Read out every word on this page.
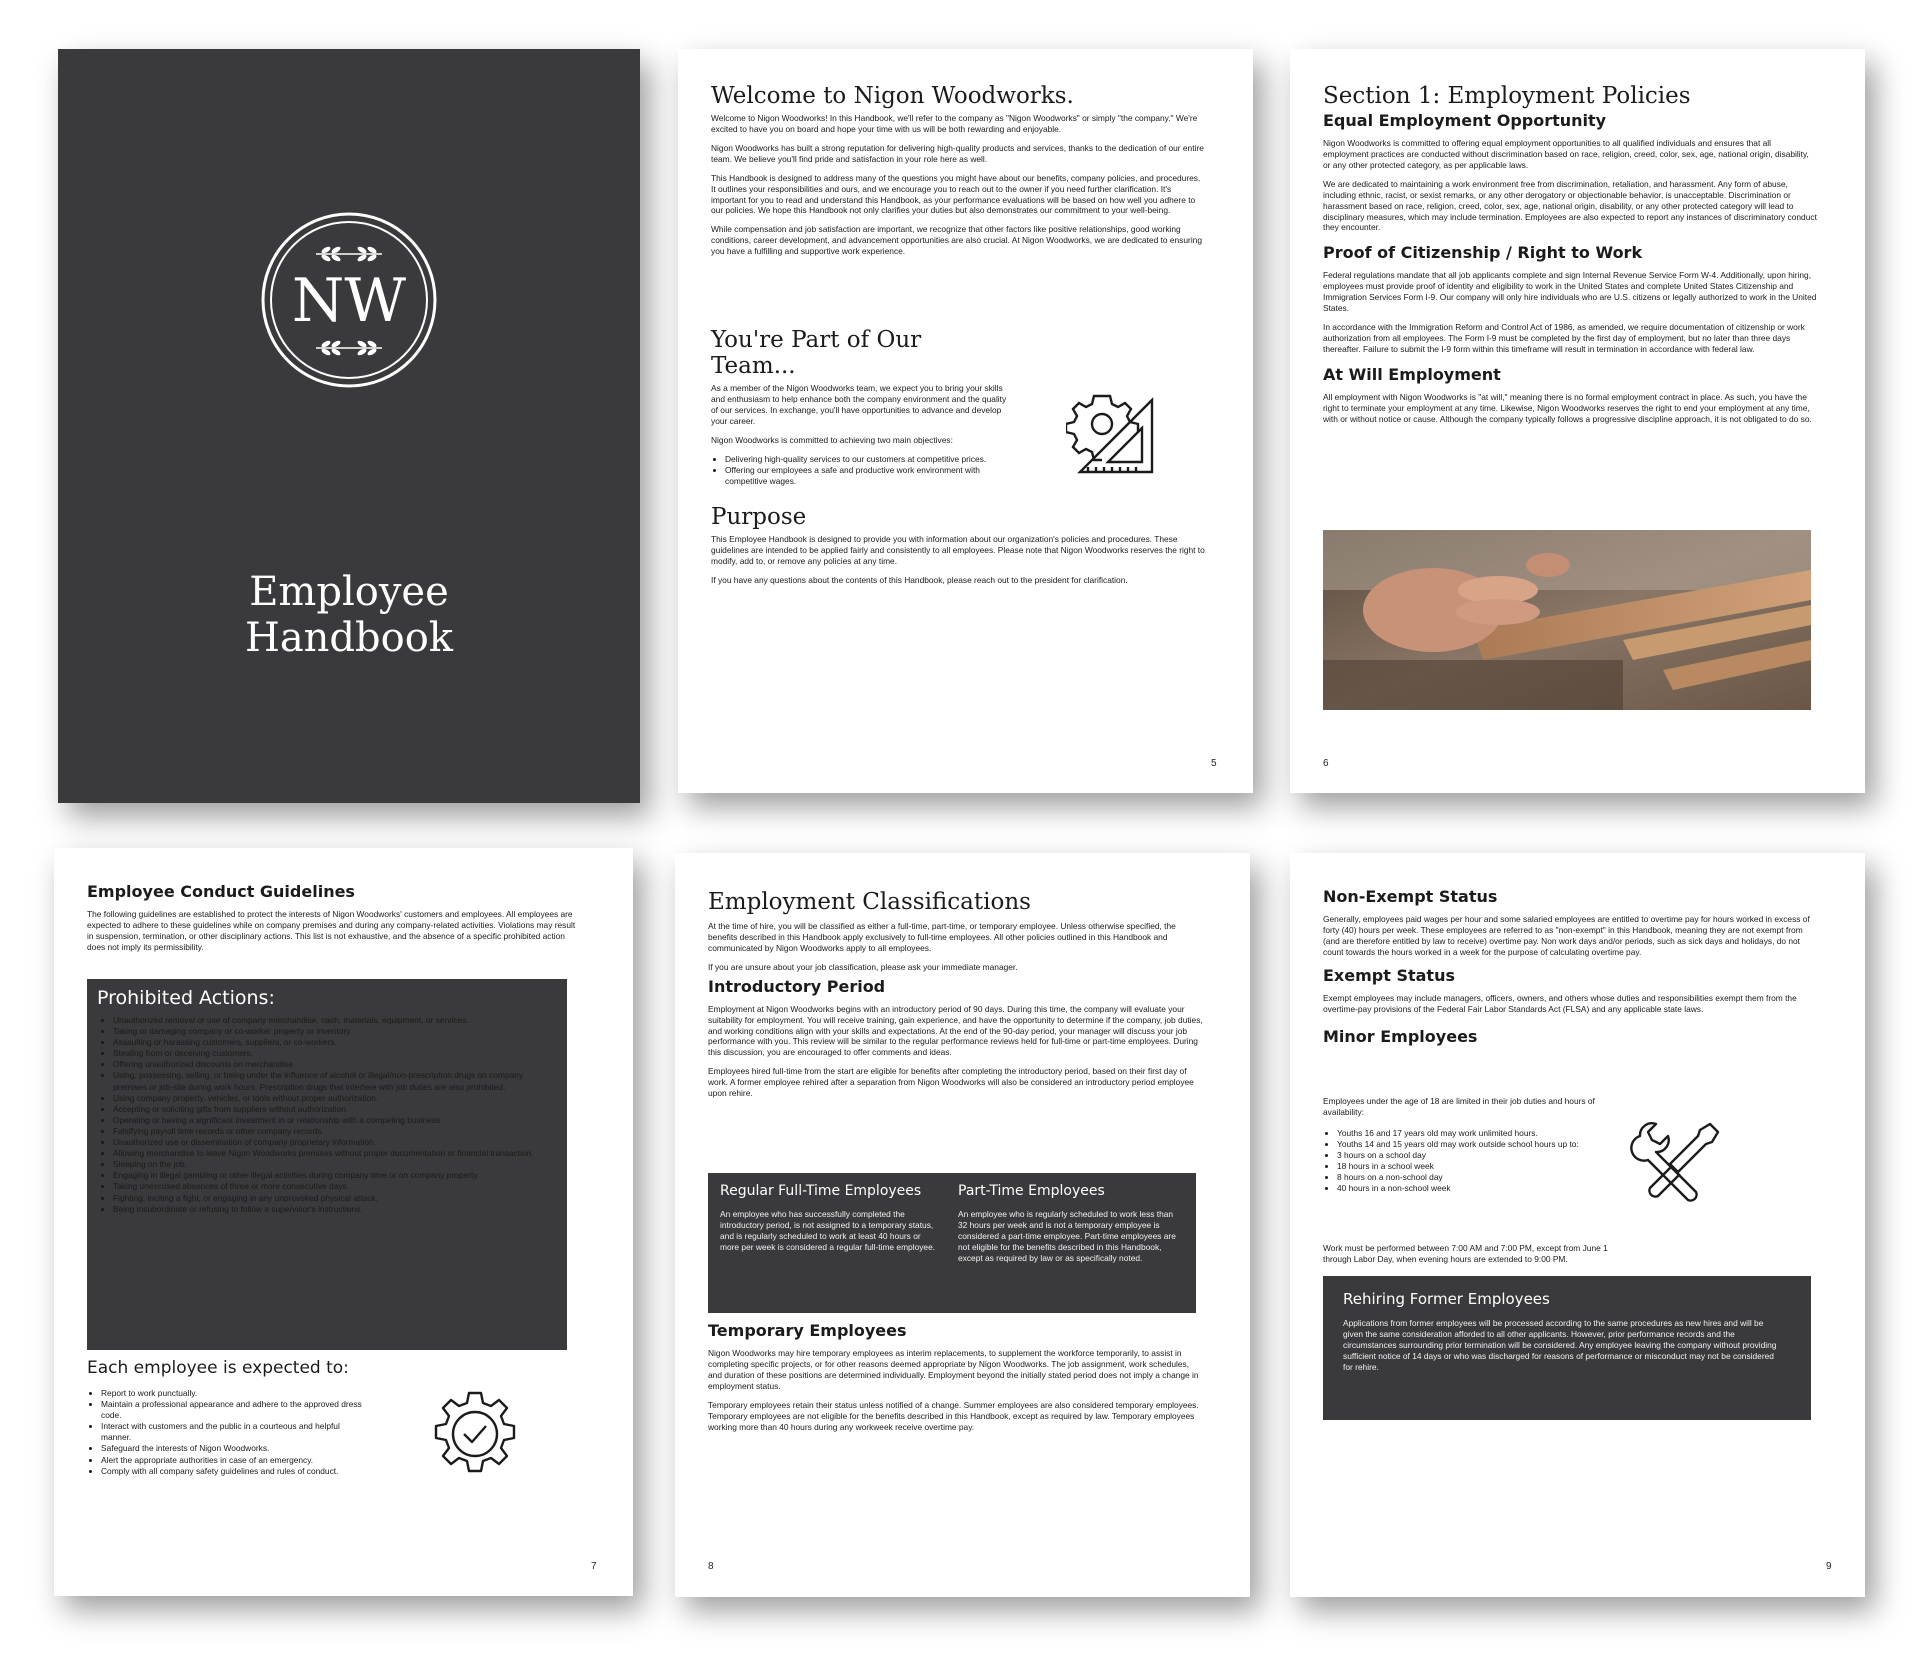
NW
Employee
Handbook
Welcome to Nigon Woodworks.

Welcome to Nigon Woodworks! In this Handbook, we'll refer to the company as "Nigon Woodworks" or simply "the company." We're excited to have you on board and hope your time with us will be both rewarding and enjoyable.

Nigon Woodworks has built a strong reputation for delivering high-quality products and services, thanks to the dedication of our entire team. We believe you'll find pride and satisfaction in your role here as well.

This Handbook is designed to address many of the questions you might have about our benefits, company policies, and procedures. It outlines your responsibilities and ours, and we encourage you to reach out to the owner if you need further clarification. It's important for you to read and understand this Handbook, as your performance evaluations will be based on how well you adhere to our policies. We hope this Handbook not only clarifies your duties but also demonstrates our commitment to your well-being.

While compensation and job satisfaction are important, we recognize that other factors like positive relationships, good working conditions, career development, and advancement opportunities are also crucial. At Nigon Woodworks, we are dedicated to ensuring you have a fulfilling and supportive work experience.

You're Part of Our Team...

As a member of the Nigon Woodworks team, we expect you to bring your skills and enthusiasm to help enhance both the company environment and the quality of our services. In exchange, you'll have opportunities to advance and develop your career.

Nigon Woodworks is committed to achieving two main objectives:

• Delivering high-quality services to our customers at competitive prices.
• Offering our employees a safe and productive work environment with competitive wages.
Purpose

This Employee Handbook is designed to provide you with information about our organization's policies and procedures. These guidelines are intended to be applied fairly and consistently to all employees. Please note that Nigon Woodworks reserves the right to modify, add to, or remove any policies at any time.

If you have any questions about the contents of this Handbook, please reach out to the president for clarification.

5
Section 1: Employment Policies
Equal Employment Opportunity

Nigon Woodworks is committed to offering equal employment opportunities to all qualified individuals and ensures that all employment practices are conducted without discrimination based on race, religion, creed, color, sex, age, national origin, disability, or any other protected category, as per applicable laws.

We are dedicated to maintaining a work environment free from discrimination, retaliation, and harassment. Any form of abuse, including ethnic, racist, or sexist remarks, or any other derogatory or objectionable behavior, is unacceptable. Discrimination or harassment based on race, religion, creed, color, sex, age, national origin, disability, or any other protected category will lead to disciplinary measures, which may include termination. Employees are also expected to report any instances of discriminatory conduct they encounter.

Proof of Citizenship / Right to Work

Federal regulations mandate that all job applicants complete and sign Internal Revenue Service Form W-4. Additionally, upon hiring, employees must provide proof of identity and eligibility to work in the United States and complete United States Citizenship and Immigration Services Form I-9. Our company will only hire individuals who are U.S. citizens or legally authorized to work in the United States.

In accordance with the Immigration Reform and Control Act of 1986, as amended, we require documentation of citizenship or work authorization from all employees. The Form I-9 must be completed by the first day of employment, but no later than three days thereafter. Failure to submit the I-9 form within this timeframe will result in termination in accordance with federal law.

At Will Employment

All employment with Nigon Woodworks is "at will," meaning there is no formal employment contract in place. As such, you have the right to terminate your employment at any time. Likewise, Nigon Woodworks reserves the right to end your employment at any time, with or without notice or cause. Although the company typically follows a progressive discipline approach, it is not obligated to do so.

6
Employee Conduct Guidelines

The following guidelines are established to protect the interests of Nigon Woodworks' customers and employees. All employees are expected to adhere to these guidelines while on company premises and during any company-related activities. Violations may result in suspension, termination, or other disciplinary actions. This list is not exhaustive, and the absence of a specific prohibited action does not imply its permissibility.

Prohibited Actions:
• Unauthorized removal or use of company merchandise, cash, materials, equipment, or services.
• Taking or damaging company or co-worker property or inventory.
• Assaulting or harassing customers, suppliers, or co-workers.
• Stealing from or deceiving customers.
• Offering unauthorized discounts on merchandise.
• Using, possessing, selling, or being under the influence of alcohol or illegal/non-prescription drugs on company premises or job-site during work hours. Prescription drugs that interfere with job duties are also prohibited.
• Using company property, vehicles, or tools without proper authorization.
• Accepting or soliciting gifts from suppliers without authorization.
• Operating or having a significant investment in or relationship with a competing business.
• Falsifying payroll time records or other company records.
• Unauthorized use or dissemination of company proprietary information.
• Allowing merchandise to leave Nigon Woodworks premises without proper documentation or financial transaction.
• Sleeping on the job.
• Engaging in illegal gambling or other illegal activities during company time or on company property.
• Taking unexcused absences of three or more consecutive days.
• Fighting, inciting a fight, or engaging in any unprovoked physical attack.
• Being insubordinate or refusing to follow a supervisor's instructions.
Each employee is expected to:
• Report to work punctually.
• Maintain a professional appearance and adhere to the approved dress code.
• Interact with customers and the public in a courteous and helpful manner.
• Safeguard the interests of Nigon Woodworks.
• Alert the appropriate authorities in case of an emergency.
• Comply with all company safety guidelines and rules of conduct.
7
Employment Classifications

At the time of hire, you will be classified as either a full-time, part-time, or temporary employee. Unless otherwise specified, the benefits described in this Handbook apply exclusively to full-time employees. All other policies outlined in this Handbook and communicated by Nigon Woodworks apply to all employees.

If you are unsure about your job classification, please ask your immediate manager.

Introductory Period

Employment at Nigon Woodworks begins with an introductory period of 90 days. During this time, the company will evaluate your suitability for employment. You will receive training, gain experience, and have the opportunity to determine if the company, job duties, and working conditions align with your skills and expectations. At the end of the 90-day period, your manager will discuss your job performance with you. This review will be similar to the regular performance reviews held for full-time or part-time employees. During this discussion, you are encouraged to offer comments and ideas.

Employees hired full-time from the start are eligible for benefits after completing the introductory period, based on their first day of work. A former employee rehired after a separation from Nigon Woodworks will also be considered an introductory period employee upon rehire.

Regular Full-Time Employees

An employee who has successfully completed the introductory period, is not assigned to a temporary status, and is regularly scheduled to work at least 40 hours or more per week is considered a regular full-time employee.

Part-Time Employees

An employee who is regularly scheduled to work less than 32 hours per week and is not a temporary employee is considered a part-time employee. Part-time employees are not eligible for the benefits described in this Handbook, except as required by law or as specifically noted.

Temporary Employees

Nigon Woodworks may hire temporary employees as interim replacements, to supplement the workforce temporarily, to assist in completing specific projects, or for other reasons deemed appropriate by Nigon Woodworks. The job assignment, work schedules, and duration of these positions are determined individually. Employment beyond the initially stated period does not imply a change in employment status.

Temporary employees retain their status unless notified of a change. Summer employees are also considered temporary employees. Temporary employees are not eligible for the benefits described in this Handbook, except as required by law. Temporary employees working more than 40 hours during any workweek receive overtime pay.

8
Non-Exempt Status

Generally, employees paid wages per hour and some salaried employees are entitled to overtime pay for hours worked in excess of forty (40) hours per week. These employees are referred to as "non-exempt" in this Handbook, meaning they are not exempt from (and are therefore entitled by law to receive) overtime pay. Non work days and/or periods, such as sick days and holidays, do not count towards the hours worked in a week for the purpose of calculating overtime pay.

Exempt Status

Exempt employees may include managers, officers, owners, and others whose duties and responsibilities exempt them from the overtime-pay provisions of the Federal Fair Labor Standards Act (FLSA) and any applicable state laws.

Minor Employees

Employees under the age of 18 are limited in their job duties and hours of availability:

• Youths 16 and 17 years old may work unlimited hours.
• Youths 14 and 15 years old may work outside school hours up to:
• 3 hours on a school day
• 18 hours in a school week
• 8 hours on a non-school day
• 40 hours in a non-school week

Work must be performed between 7:00 AM and 7:00 PM, except from June 1 through Labor Day, when evening hours are extended to 9:00 PM.

Rehiring Former Employees

Applications from former employees will be processed according to the same procedures as new hires and will be given the same consideration afforded to all other applicants. However, prior performance records and the circumstances surrounding prior termination will be considered. Any employee leaving the company without providing sufficient notice of 14 days or who was discharged for reasons of performance or misconduct may not be considered for rehire.

9
